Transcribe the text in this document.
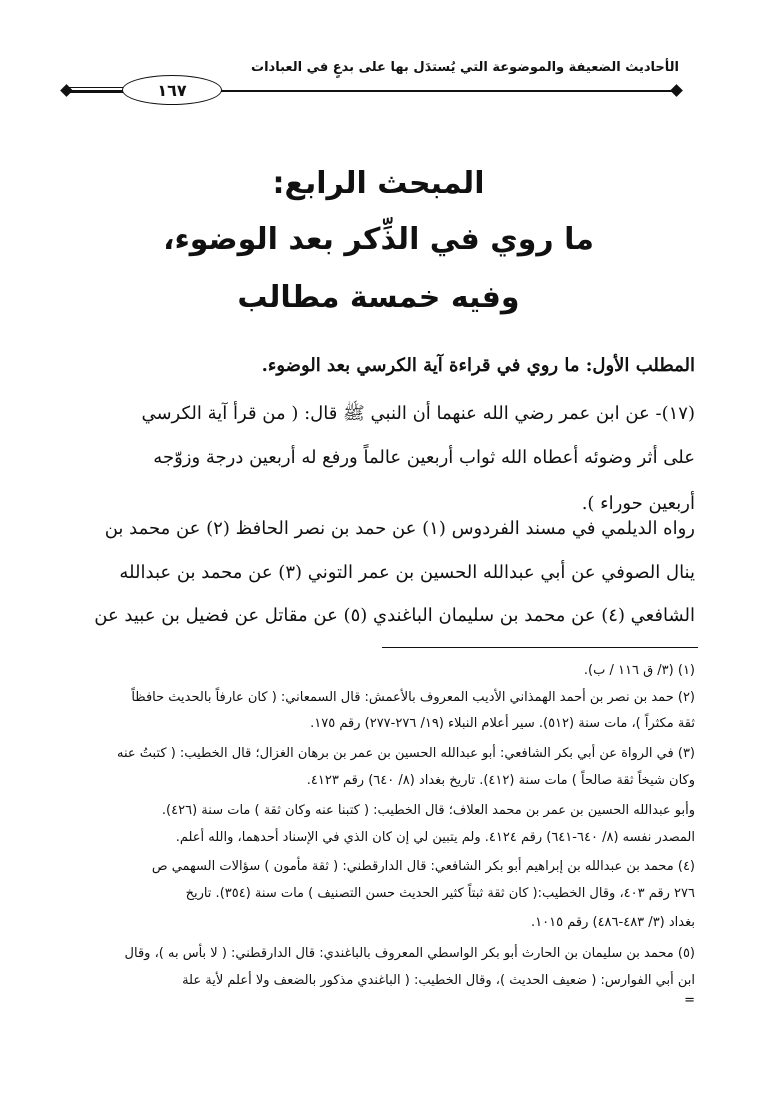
الأحاديث الضعيفة والموضوعة التي يُستدَل بها على بدعٍ في العبادات
١٦٧
المبحث الرابع:
ما روي في الذِّكر بعد الوضوء،
وفيه خمسة مطالب
المطلب الأول: ما روي في قراءة آية الكرسي بعد الوضوء.
(١٧)- عن ابن عمر رضي الله عنهما أن النبي ﷺ قال: ( من قرأ آية الكرسي
على أثر وضوئه أعطاه الله ثواب أربعين عالماً ورفع له أربعين درجة وزوّجه
أربعين حوراء ).
رواه الديلمي في مسند الفردوس (١) عن حمد بن نصر الحافظ (٢) عن محمد بن
ينال الصوفي عن أبي عبدالله الحسين بن عمر التوني (٣) عن محمد بن عبدالله
الشافعي (٤) عن محمد بن سليمان الباغندي (٥) عن مقاتل عن فضيل بن عبيد عن
(١) (٣/ ق ١١٦ / ب).
(٢) حمد بن نصر بن أحمد الهمذاني الأديب المعروف بالأعمش: قال السمعاني: ( كان عارفاً بالحديث حافظاً
ثقة مكثراً )، مات سنة (٥١٢). سير أعلام النبلاء (١٩/ ٢٧٦-٢٧٧) رقم ١٧٥.
(٣) في الرواة عن أبي بكر الشافعي: أبو عبدالله الحسين بن عمر بن برهان الغزال؛ قال الخطيب: ( كتبتُ عنه
وكان شيخاً ثقة صالحاً ) مات سنة (٤١٢). تاريخ بغداد (٨/ ٦٤٠) رقم ٤١٢٣.
وأبو عبدالله الحسين بن عمر بن محمد العلاف؛ قال الخطيب: ( كتبنا عنه وكان ثقة ) مات سنة (٤٢٦).
المصدر نفسه (٨/ ٦٤٠-٦٤١) رقم ٤١٢٤. ولم يتبين لي إن كان الذي في الإسناد أحدهما، والله أعلم.
(٤) محمد بن عبدالله بن إبراهيم أبو بكر الشافعي: قال الدارقطني: ( ثقة مأمون ) سؤالات السهمي ص
٢٧٦ رقم ٤٠٣، وقال الخطيب:( كان ثقة ثبتاً كثير الحديث حسن التصنيف ) مات سنة (٣٥٤). تاريخ
بغداد (٣/ ٤٨٣-٤٨٦) رقم ١٠١٥.
(٥) محمد بن سليمان بن الحارث أبو بكر الواسطي المعروف بالباغندي: قال الدارقطني: ( لا بأس به )، وقال
ابن أبي الفوارس: ( ضعيف الحديث )، وقال الخطيب: ( الباغندي مذكور بالضعف ولا أعلم لأية علة
=
